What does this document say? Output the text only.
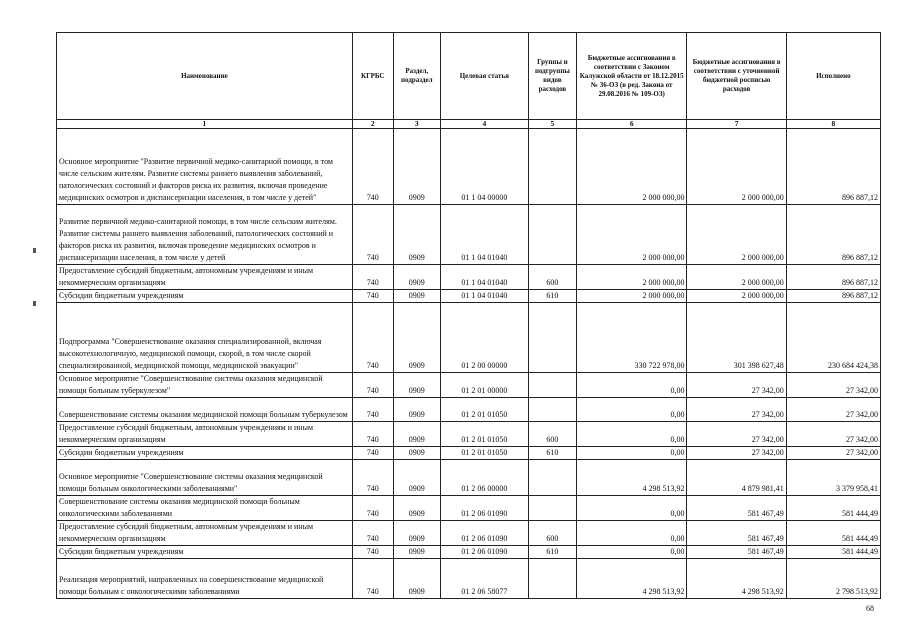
Наименование	КГРБС	Раздел, подраздел	Целевая статья	Группы и подгруппы видов расходов	Бюджетные ассигнования в соответствии с Законом Калужской области от 18.12.2015 № 36-ОЗ (в ред. Закона от 29.08.2016 № 109-ОЗ)	Бюджетные ассигнования в соответствии с уточненной бюджетной росписью расходов	Исполнено
1	2	3	4	5	6	7	8
Основное мероприятие "Развитие первичной медико-санитарной помощи, в том числе сельским жителям. Развитие системы раннего выявления заболеваний, патологических состояний и факторов риска их развития, включая проведение медицинских осмотров и диспансеризации населения, в том числе у детей"	740	0909	01 1 04 00000		2 000 000,00	2 000 000,00	896 887,12
Развитие первичной медико-санитарной помощи, в том числе сельским жителям. Развитие системы раннего выявления заболеваний, патологических состояний и факторов риска их развития, включая проведение медицинских осмотров и диспансеризации населения, в том числе у детей	740	0909	01 1 04 01040		2 000 000,00	2 000 000,00	896 887,12
Предоставление субсидий бюджетным, автономным учреждениям и иным некоммерческим организациям	740	0909	01 1 04 01040	600	2 000 000,00	2 000 000,00	896 887,12
Субсидии бюджетным учреждениям	740	0909	01 1 04 01040	610	2 000 000,00	2 000 000,00	896 887,12
Подпрограмма "Совершенствование оказания специализированной, включая высокотехнологичную, медицинской помощи, скорой, в том числе скорой специализированной, медицинской помощи, медицинской эвакуации"	740	0909	01 2 00 00000		330 722 978,00	301 398 627,48	230 684 424,38
Основное мероприятие "Совершенствование системы оказания медицинской помощи больным туберкулезом"	740	0909	01 2 01 00000		0,00	27 342,00	27 342,00
Совершенствование системы оказания медицинской помощи больным туберкулезом	740	0909	01 2 01 01050		0,00	27 342,00	27 342,00
Предоставление субсидий бюджетным, автономным учреждениям и иным некоммерческим организациям	740	0909	01 2 01 01050	600	0,00	27 342,00	27 342,00
Субсидии бюджетным учреждениям	740	0909	01 2 01 01050	610	0,00	27 342,00	27 342,00
Основное мероприятие "Совершенствование системы оказания медицинской помощи больным онкологическими заболеваниями"	740	0909	01 2 06 00000		4 298 513,92	4 879 981,41	3 379 958,41
Совершенствование системы оказания медицинской помощи больным онкологическими заболеваниями	740	0909	01 2 06 01090		0,00	581 467,49	581 444,49
Предоставление субсидий бюджетным, автономным учреждениям и иным некоммерческим организациям	740	0909	01 2 06 01090	600	0,00	581 467,49	581 444,49
Субсидии бюджетным учреждениям	740	0909	01 2 06 01090	610	0,00	581 467,49	581 444,49
Реализация мероприятий, направленных на совершенствование медицинской помощи больным с онкологическими заболеваниями	740	0909	01 2 06 58077		4 298 513,92	4 298 513,92	2 798 513,92
68
